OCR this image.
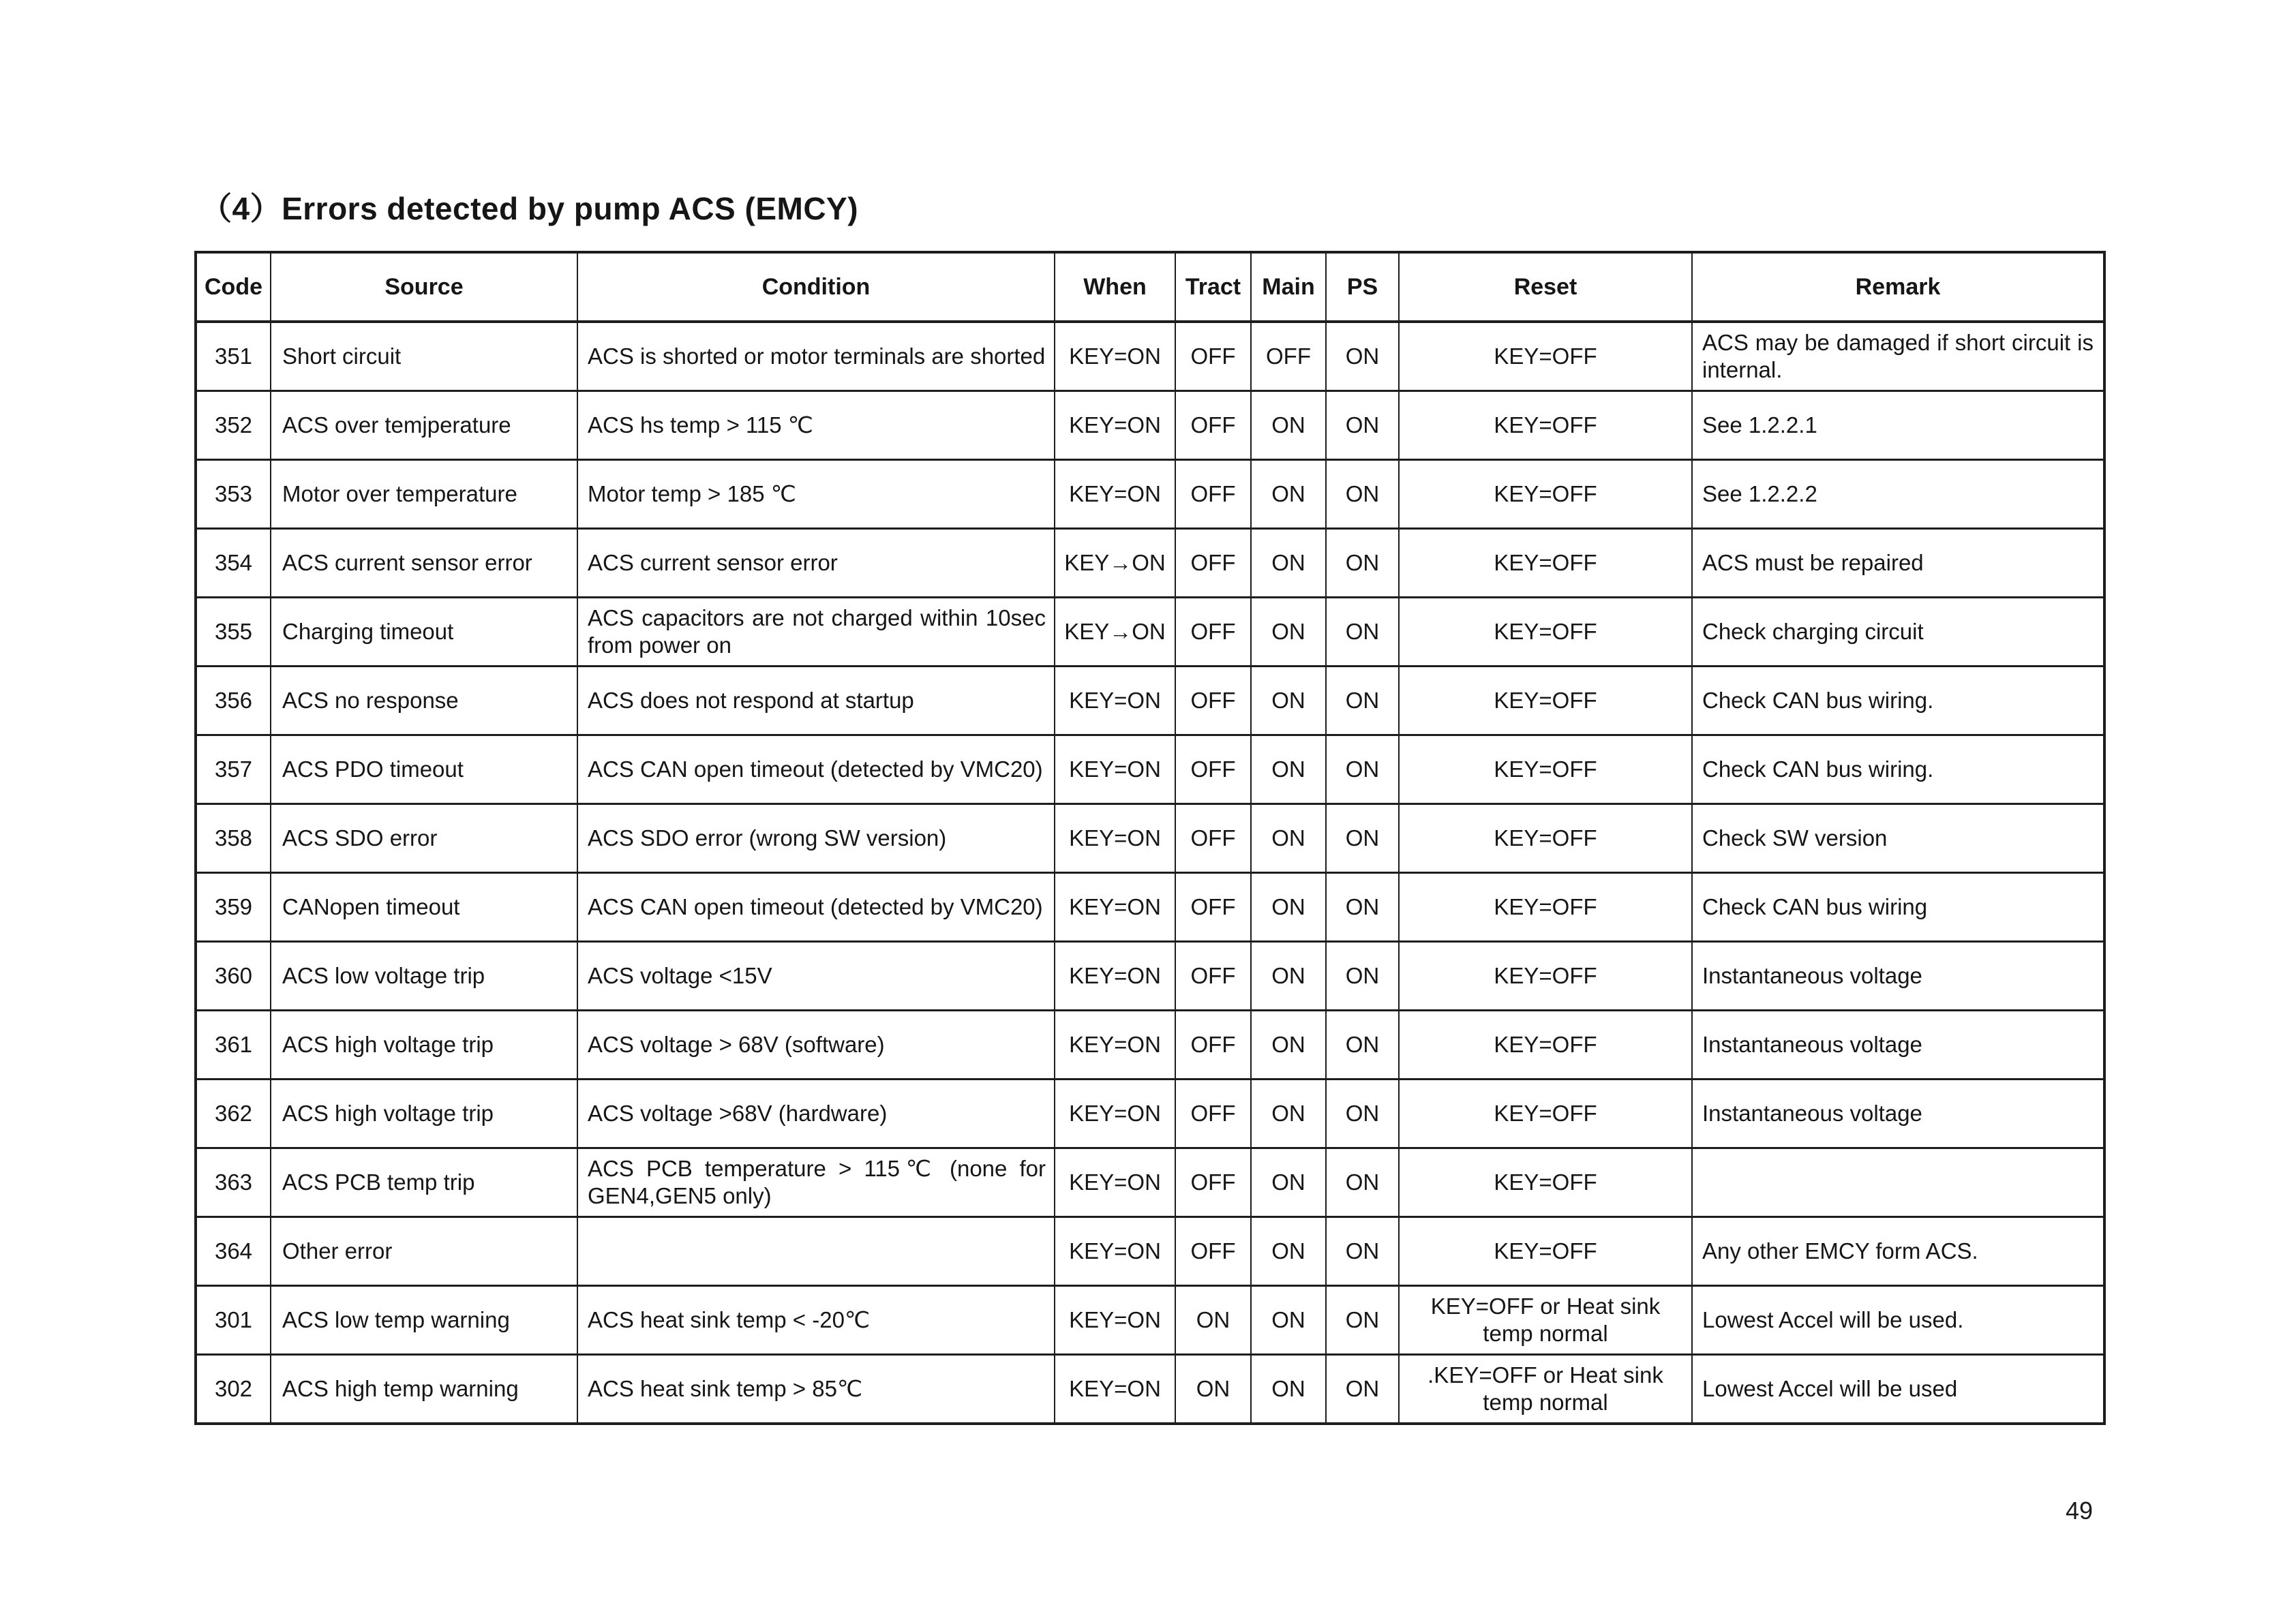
（4）Errors detected by pump ACS (EMCY)
Code	Source	Condition	When	Tract	Main	PS	Reset	Remark
351	Short circuit	ACS is shorted or motor terminals are shorted	KEY=ON	OFF	OFF	ON	KEY=OFF	ACS may be damaged if short circuit is internal.
352	ACS over temjperature	ACS hs temp > 115 ℃	KEY=ON	OFF	ON	ON	KEY=OFF	See 1.2.2.1
353	Motor over temperature	Motor temp > 185 ℃	KEY=ON	OFF	ON	ON	KEY=OFF	See 1.2.2.2
354	ACS current sensor error	ACS current sensor error	KEY→ON	OFF	ON	ON	KEY=OFF	ACS must be repaired
355	Charging timeout	ACS capacitors are not charged within 10sec from power on	KEY→ON	OFF	ON	ON	KEY=OFF	Check charging circuit
356	ACS no response	ACS does not respond at startup	KEY=ON	OFF	ON	ON	KEY=OFF	Check CAN bus wiring.
357	ACS PDO timeout	ACS CAN open timeout (detected by VMC20)	KEY=ON	OFF	ON	ON	KEY=OFF	Check CAN bus wiring.
358	ACS SDO error	ACS SDO error (wrong SW version)	KEY=ON	OFF	ON	ON	KEY=OFF	Check SW version
359	CANopen timeout	ACS CAN open timeout (detected by VMC20)	KEY=ON	OFF	ON	ON	KEY=OFF	Check CAN bus wiring
360	ACS low voltage trip	ACS voltage <15V	KEY=ON	OFF	ON	ON	KEY=OFF	Instantaneous voltage
361	ACS high voltage trip	ACS voltage > 68V (software)	KEY=ON	OFF	ON	ON	KEY=OFF	Instantaneous voltage
362	ACS high voltage trip	ACS voltage >68V (hardware)	KEY=ON	OFF	ON	ON	KEY=OFF	Instantaneous voltage
363	ACS PCB temp trip	ACS PCB temperature > 115℃ (none for GEN4,GEN5 only)	KEY=ON	OFF	ON	ON	KEY=OFF	
364	Other error		KEY=ON	OFF	ON	ON	KEY=OFF	Any other EMCY form ACS.
301	ACS low temp warning	ACS heat sink temp < -20℃	KEY=ON	ON	ON	ON	KEY=OFF or Heat sink temp normal	Lowest Accel will be used.
302	ACS high temp warning	ACS heat sink temp > 85℃	KEY=ON	ON	ON	ON	.KEY=OFF or Heat sink temp normal	Lowest Accel will be used
49
